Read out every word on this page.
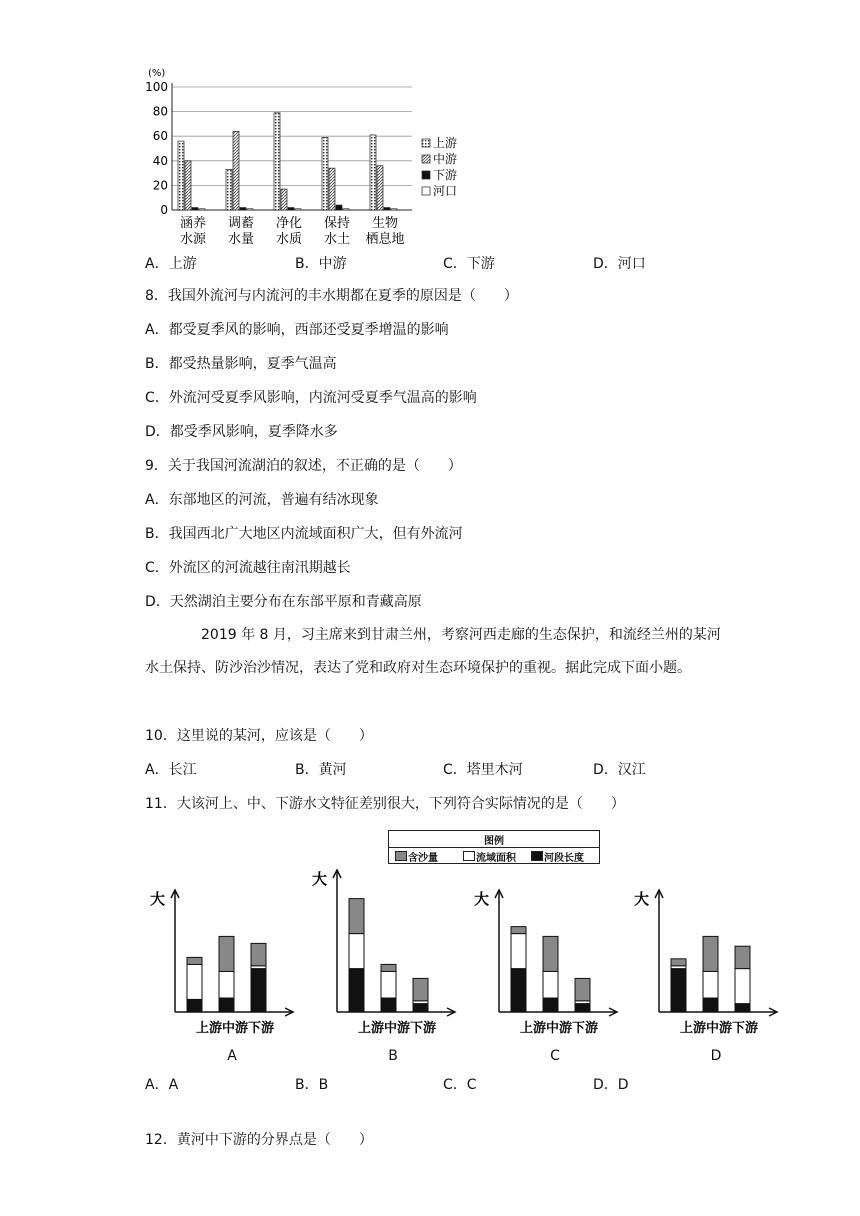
(%)
0
20
40
60
80
100
涵养
水源
调蓄
水量
净化
水质
保持
水土
生物
栖息地
上游
中游
下游
河口
A．上游	B．中游	C．下游	D．河口
8．我国外流河与内流河的丰水期都在夏季的原因是（　　）
A．都受夏季风的影响，西部还受夏季增温的影响
B．都受热量影响，夏季气温高
C．外流河受夏季风影响，内流河受夏季气温高的影响
D．都受季风影响，夏季降水多
9．关于我国河流湖泊的叙述，不正确的是（　　）
A．东部地区的河流，普遍有结冰现象
B．我国西北广大地区内流域面积广大，但有外流河
C．外流区的河流越往南汛期越长
D．天然湖泊主要分布在东部平原和青藏高原
2019 年 8 月，习主席来到甘肃兰州，考察河西走廊的生态保护，和流经兰州的某河水土保持、防沙治沙情况，表达了党和政府对生态环境保护的重视。据此完成下面小题。
10．这里说的某河，应该是（　　）
A．长江	B．黄河	C．塔里木河	D．汉江
11．大该河上、中、下游水文特征差别很大，下列符合实际情况的是（　　）
图例
含沙量	流域面积	河段长度
大
上游中游下游
大
上游中游下游
大
上游中游下游
大
上游中游下游
A	B	C	D
A．A	B．B	C．C	D．D
12．黄河中下游的分界点是（　　）
